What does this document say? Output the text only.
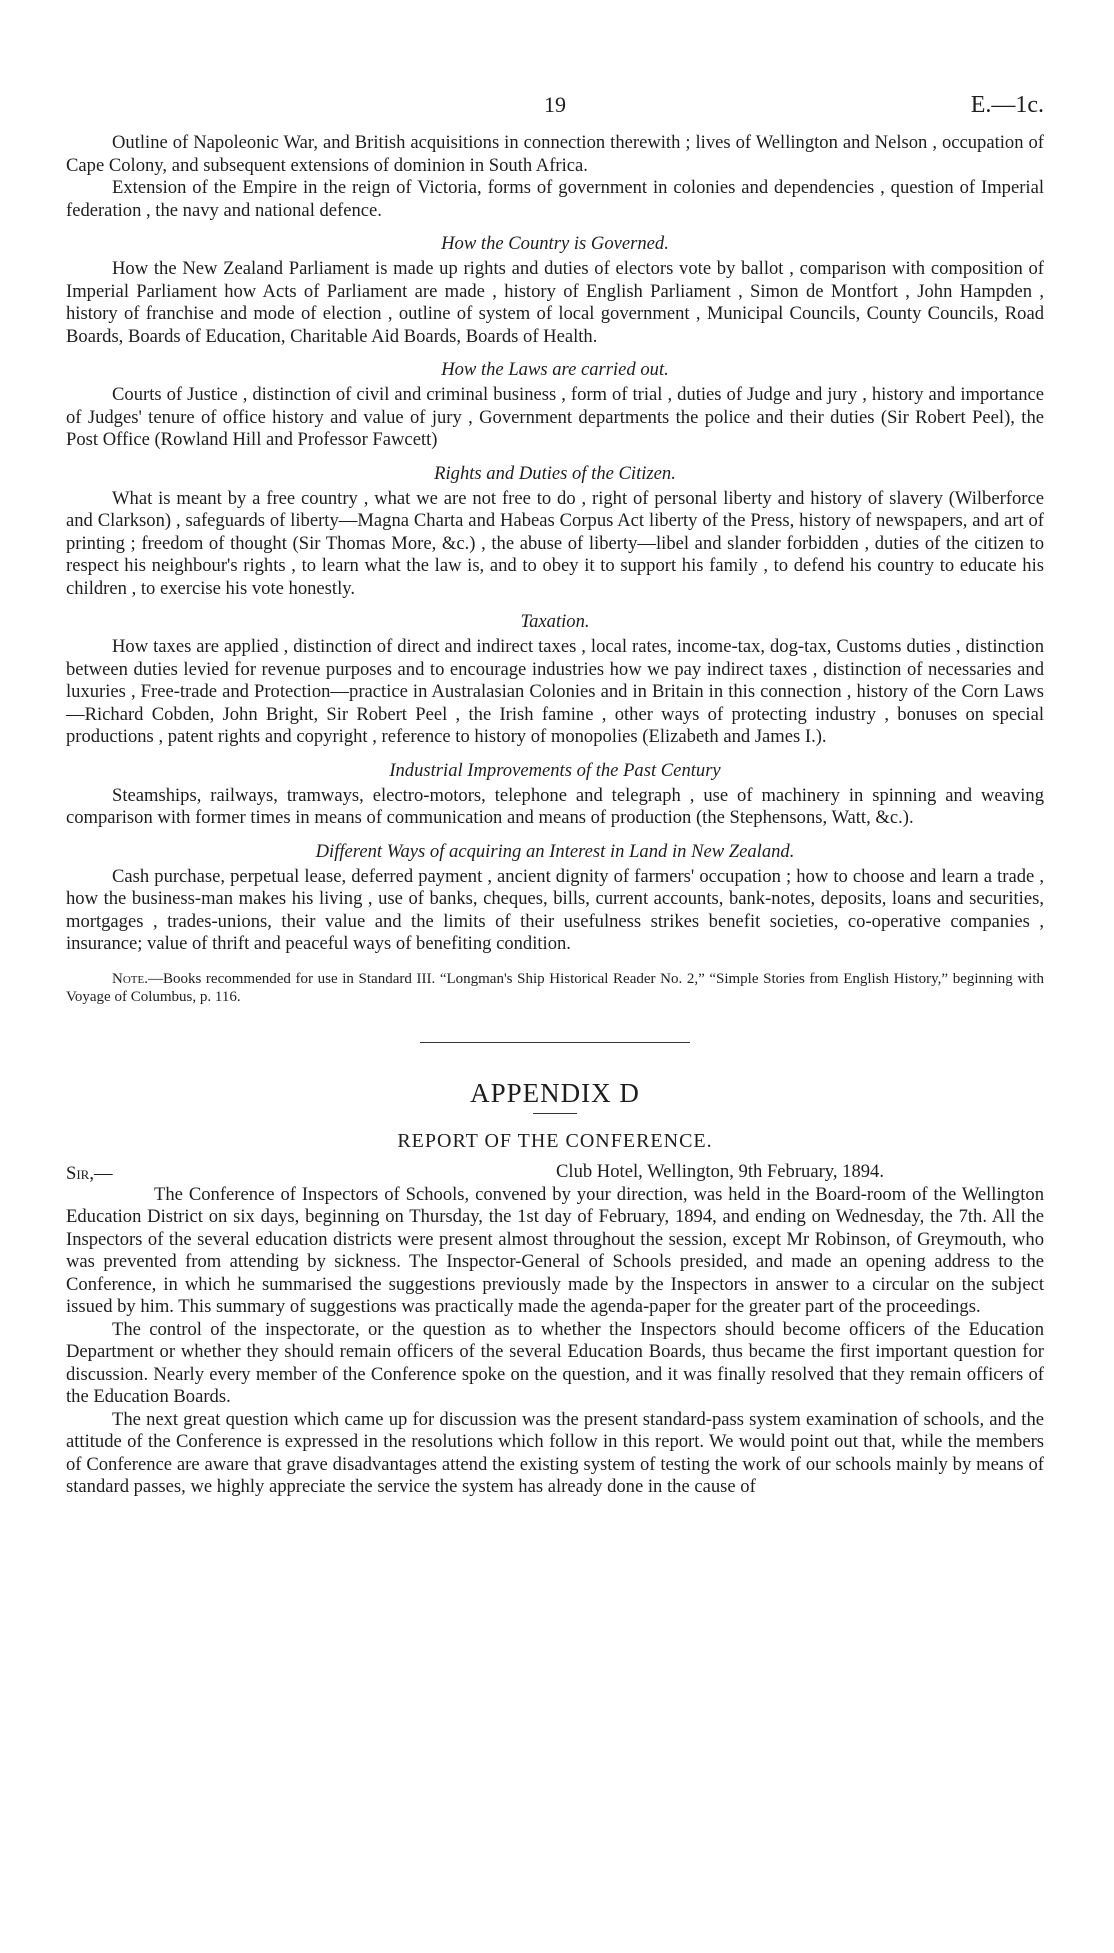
19	E.—1c.

Outline of Napoleonic War, and British acquisitions in connection therewith ; lives of Wellington and Nelson , occupation of Cape Colony, and subsequent extensions of dominion in South Africa.

Extension of the Empire in the reign of Victoria, forms of government in colonies and dependencies , question of Imperial federation , the navy and national defence.

How the Country is Governed.

How the New Zealand Parliament is made up rights and duties of electors vote by ballot , comparison with composition of Imperial Parliament how Acts of Parliament are made , history of English Parliament , Simon de Montfort , John Hampden , history of franchise and mode of election , outline of system of local government , Municipal Councils, County Councils, Road Boards, Boards of Education, Charitable Aid Boards, Boards of Health.

How the Laws are carried out.

Courts of Justice , distinction of civil and criminal business , form of trial , duties of Judge and jury , history and importance of Judges' tenure of office history and value of jury , Government departments the police and their duties (Sir Robert Peel), the Post Office (Rowland Hill and Professor Fawcett)

Rights and Duties of the Citizen.

What is meant by a free country , what we are not free to do , right of personal liberty and history of slavery (Wilberforce and Clarkson) , safeguards of liberty—Magna Charta and Habeas Corpus Act liberty of the Press, history of newspapers, and art of printing ; freedom of thought (Sir Thomas More, &c.) , the abuse of liberty—libel and slander forbidden , duties of the citizen to respect his neighbour's rights , to learn what the law is, and to obey it to support his family , to defend his country to educate his children , to exercise his vote honestly.

Taxation.

How taxes are applied , distinction of direct and indirect taxes , local rates, income-tax, dog-tax, Customs duties , distinction between duties levied for revenue purposes and to encourage industries how we pay indirect taxes , distinction of necessaries and luxuries , Free-trade and Protection—practice in Australasian Colonies and in Britain in this connection , history of the Corn Laws—Richard Cobden, John Bright, Sir Robert Peel , the Irish famine , other ways of protecting industry , bonuses on special productions , patent rights and copyright , reference to history of monopolies (Elizabeth and James I.).

Industrial Improvements of the Past Century

Steamships, railways, tramways, electro-motors, telephone and telegraph , use of machinery in spinning and weaving comparison with former times in means of communication and means of production (the Stephensons, Watt, &c.).

Different Ways of acquiring an Interest in Land in New Zealand.

Cash purchase, perpetual lease, deferred payment , ancient dignity of farmers' occupation ; how to choose and learn a trade , how the business-man makes his living , use of banks, cheques, bills, current accounts, bank-notes, deposits, loans and securities, mortgages , trades-unions, their value and the limits of their usefulness strikes benefit societies, co-operative companies , insurance; value of thrift and peaceful ways of benefiting condition.

Note.—Books recommended for use in Standard III. “Longman's Ship Historical Reader No. 2,” “Simple Stories from English History,” beginning with Voyage of Columbus, p. 116.

APPENDIX D
REPORT OF THE CONFERENCE.
Sir,—	Club Hotel, Wellington, 9th February, 1894.

The Conference of Inspectors of Schools, convened by your direction, was held in the Board-room of the Wellington Education District on six days, beginning on Thursday, the 1st day of February, 1894, and ending on Wednesday, the 7th. All the Inspectors of the several education districts were present almost throughout the session, except Mr Robinson, of Greymouth, who was prevented from attending by sickness. The Inspector-General of Schools presided, and made an opening address to the Conference, in which he summarised the suggestions previously made by the Inspectors in answer to a circular on the subject issued by him. This summary of suggestions was practically made the agenda-paper for the greater part of the proceedings.

The control of the inspectorate, or the question as to whether the Inspectors should become officers of the Education Department or whether they should remain officers of the several Education Boards, thus became the first important question for discussion. Nearly every member of the Conference spoke on the question, and it was finally resolved that they remain officers of the Education Boards.

The next great question which came up for discussion was the present standard-pass system examination of schools, and the attitude of the Conference is expressed in the resolutions which follow in this report. We would point out that, while the members of Conference are aware that grave disadvantages attend the existing system of testing the work of our schools mainly by means of standard passes, we highly appreciate the service the system has already done in the cause of
